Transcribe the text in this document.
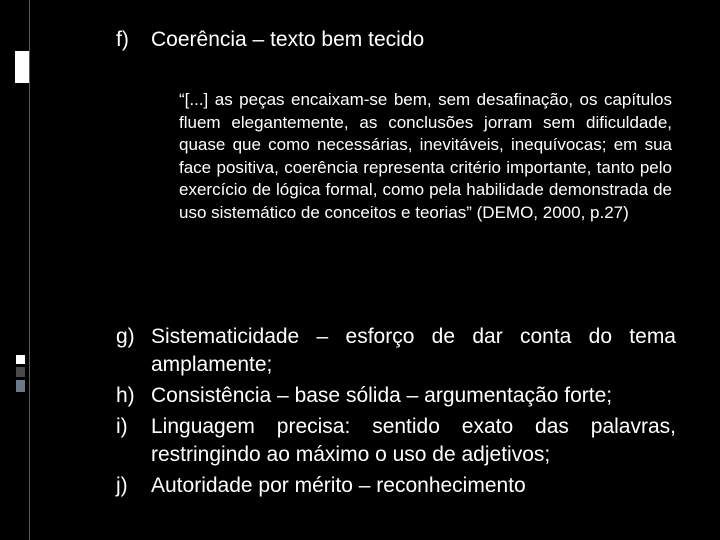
f) Coerência – texto bem tecido
“[...] as peças encaixam-se bem, sem desafinação, os capítulos fluem elegantemente, as conclusões jorram sem dificuldade, quase que como necessárias, inevitáveis, inequívocas; em sua face positiva, coerência representa critério importante, tanto pelo exercício de lógica formal, como pela habilidade demonstrada de uso sistemático de conceitos e teorias” (DEMO, 2000, p.27)
g) Sistematicidade – esforço de dar conta do tema amplamente;
h) Consistência – base sólida – argumentação forte;
i)	Linguagem precisa: sentido exato das palavras, restringindo ao máximo o uso de adjetivos;
j)	Autoridade por mérito – reconhecimento
